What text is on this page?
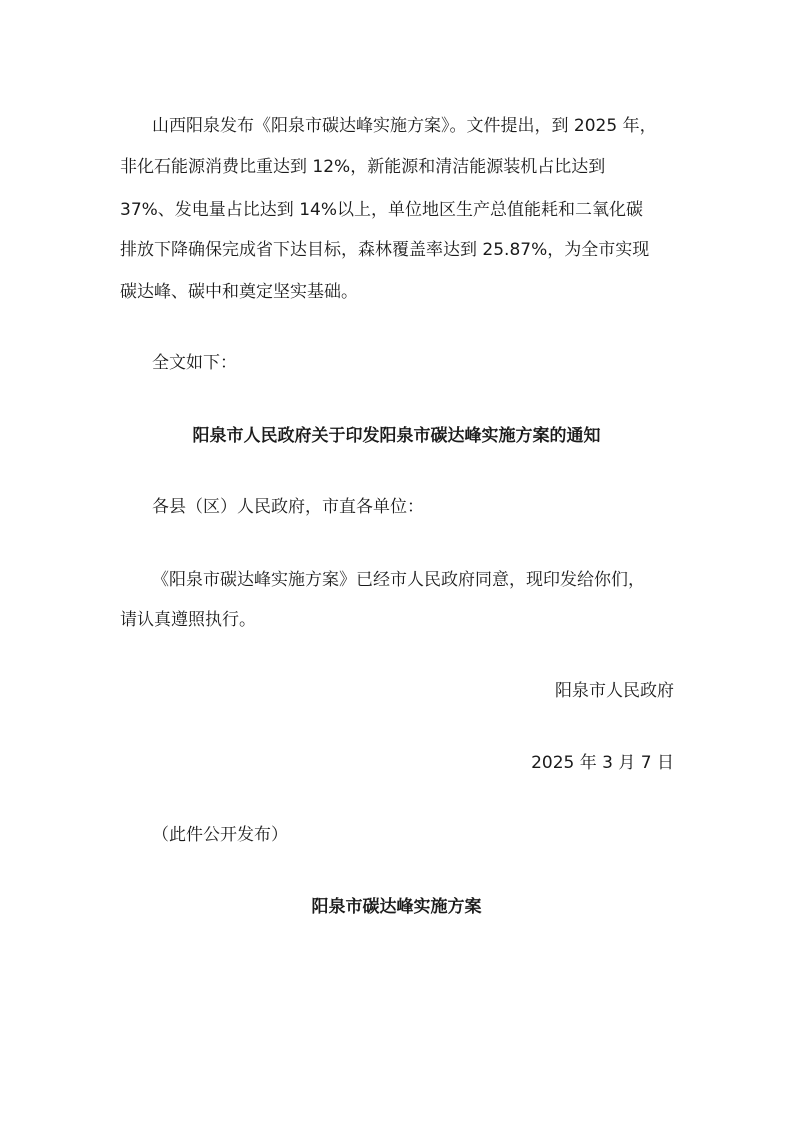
山西阳泉发布《阳泉市碳达峰实施方案》。文件提出，到 2025 年，
非化石能源消费比重达到 12%，新能源和清洁能源装机占比达到
37%、发电量占比达到 14%以上，单位地区生产总值能耗和二氧化碳
排放下降确保完成省下达目标，森林覆盖率达到 25.87%，为全市实现
碳达峰、碳中和奠定坚实基础。
全文如下：
阳泉市人民政府关于印发阳泉市碳达峰实施方案的通知
各县（区）人民政府，市直各单位：
《阳泉市碳达峰实施方案》已经市人民政府同意，现印发给你们，
请认真遵照执行。
阳泉市人民政府
2025 年 3 月 7 日
（此件公开发布）
阳泉市碳达峰实施方案
